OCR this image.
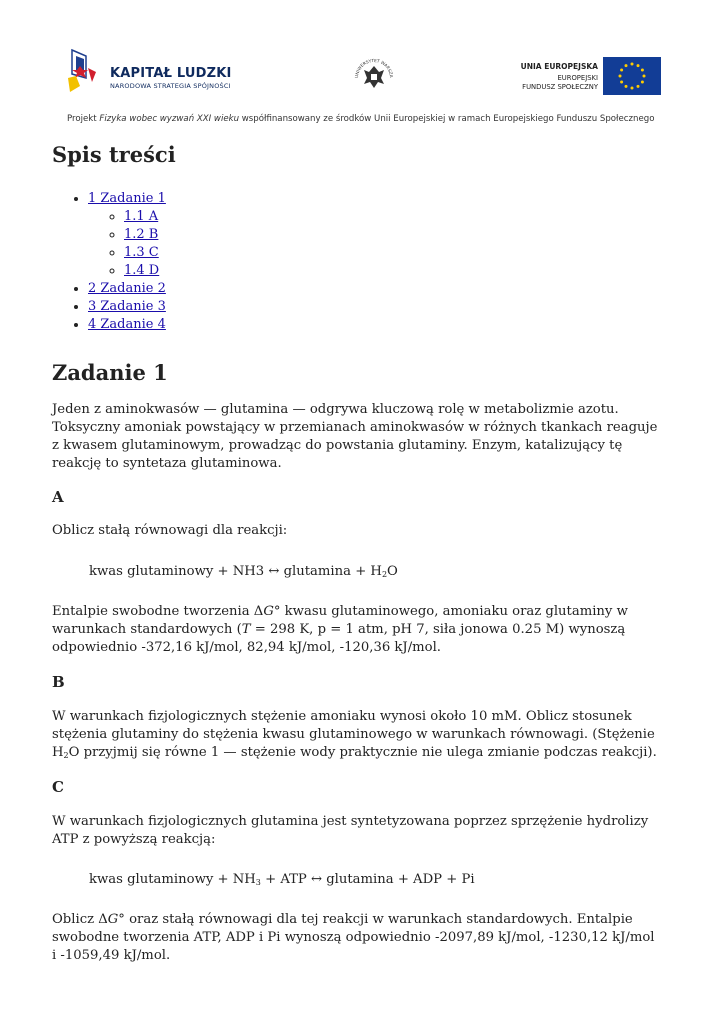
KAPITAŁ LUDZKI
NARODOWA STRATEGIA SPÓJNOŚCI
UNIWERSYTET WARSZA
UNIA EUROPEJSKA
EUROPEJSKI
FUNDUSZ SPOŁECZNY
Projekt Fizyka wobec wyzwań XXI wieku współfinansowany ze środków Unii Europejskiej w ramach Europejskiego Funduszu Społecznego
Spis treści
• 1 Zadanie 1
◦ 1.1 A
◦ 1.2 B
◦ 1.3 C
◦ 1.4 D
• 2 Zadanie 2
• 3 Zadanie 3
• 4 Zadanie 4
Zadanie 1

Jeden z aminokwasów — glutamina — odgrywa kluczową rolę w metabolizmie azotu. Toksyczny amoniak powstający w przemianach aminokwasów w różnych tkankach reaguje z kwasem glutaminowym, prowadząc do powstania glutaminy. Enzym, katalizujący tę reakcję to syntetaza glutaminowa.

A

Oblicz stałą równowagi dla reakcji:

kwas glutaminowy + NH3 ↔ glutamina + $H_2O$

Entalpie swobodne tworzenia ΔG° kwasu glutaminowego, amoniaku oraz glutaminy w warunkach standardowych (T = 298 K, p = 1 atm, pH 7, siła jonowa 0.25 M) wynoszą odpowiednio -372,16 kJ/mol, 82,94 kJ/mol, -120,36 kJ/mol.

B

W warunkach fizjologicznych stężenie amoniaku wynosi około 10 mM. Oblicz stosunek stężenia glutaminy do stężenia kwasu glutaminowego w warunkach równowagi. (Stężenie $H_2O$ przyjmij się równe 1 — stężenie wody praktycznie nie ulega zmianie podczas reakcji).

C

W warunkach fizjologicznych glutamina jest syntetyzowana poprzez sprzężenie hydrolizy ATP z powyższą reakcją:

kwas glutaminowy + $NH_3$ + ATP ↔ glutamina + ADP + Pi

Oblicz ΔG° oraz stałą równowagi dla tej reakcji w warunkach standardowych. Entalpie swobodne tworzenia ATP, ADP i Pi wynoszą odpowiednio -2097,89 kJ/mol, -1230,12 kJ/mol i -1059,49 kJ/mol.
